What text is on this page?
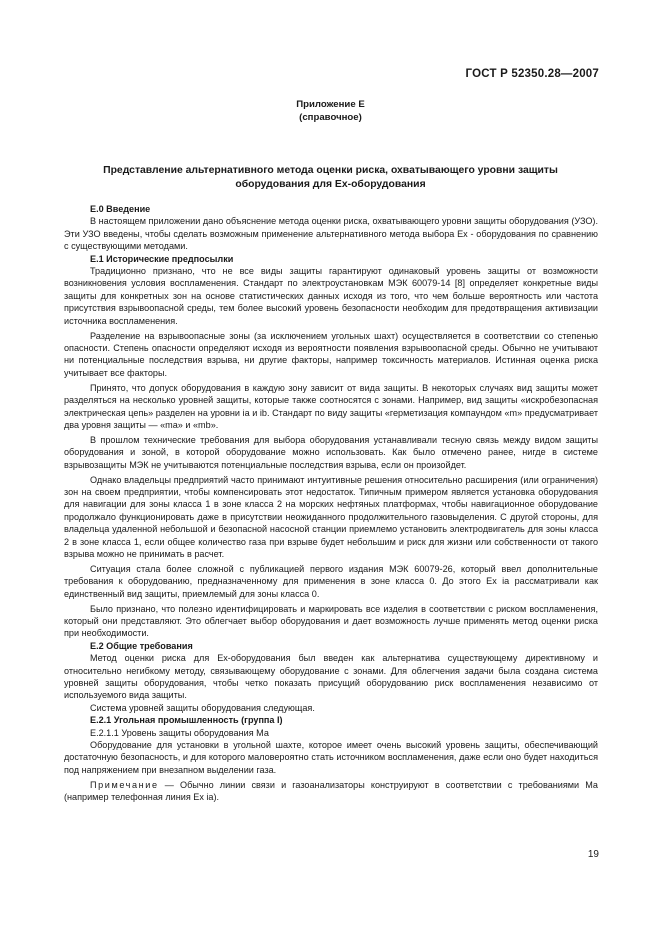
ГОСТ Р 52350.28—2007
Приложение Е
(справочное)
Представление альтернативного метода оценки риска, охватывающего уровни защиты
оборудования для Ex-оборудования
Е.0 Введение

В настоящем приложении дано объяснение метода оценки риска, охватывающего уровни защиты оборудования (УЗО). Эти УЗО введены, чтобы сделать возможным применение альтернативного метода выбора Ex - оборудования по сравнению с существующими методами.

Е.1 Исторические предпосылки

Традиционно признано, что не все виды защиты гарантируют одинаковый уровень защиты от возможности возникновения условия воспламенения. Стандарт по электроустановкам МЭК 60079-14 [8] определяет конкретные виды защиты для конкретных зон на основе статистических данных исходя из того, что чем больше вероятность или частота присутствия взрывоопасной среды, тем более высокий уровень безопасности необходим для предотвращения активизации источника воспламенения.

Разделение на взрывоопасные зоны (за исключением угольных шахт) осуществляется в соответствии со степенью опасности. Степень опасности определяют исходя из вероятности появления взрывоопасной среды. Обычно не учитывают ни потенциальные последствия взрыва, ни другие факторы, например токсичность материалов. Истинная оценка риска учитывает все факторы.

Принято, что допуск оборудования в каждую зону зависит от вида защиты. В некоторых случаях вид защиты может разделяться на несколько уровней защиты, которые также соотносятся с зонами. Например, вид защиты «искробезопасная электрическая цепь» разделен на уровни ia и ib. Стандарт по виду защиты «герметизация компаундом «m» предусматривает два уровня защиты — «ma» и «mb».

В прошлом технические требования для выбора оборудования устанавливали тесную связь между видом защиты оборудования и зоной, в которой оборудование можно использовать. Как было отмечено ранее, нигде в системе взрывозащиты МЭК не учитываются потенциальные последствия взрыва, если он произойдет.

Однако владельцы предприятий часто принимают интуитивные решения относительно расширения (или ограничения) зон на своем предприятии, чтобы компенсировать этот недостаток. Типичным примером является установка оборудования для навигации для зоны класса 1 в зоне класса 2 на морских нефтяных платформах, чтобы навигационное оборудование продолжало функционировать даже в присутствии неожиданного продолжительного газовыделения. С другой стороны, для владельца удаленной небольшой и безопасной насосной станции приемлемо установить электродвигатель для зоны класса 2 в зоне класса 1, если общее количество газа при взрыве будет небольшим и риск для жизни или собственности от такого взрыва можно не принимать в расчет.

Ситуация стала более сложной с публикацией первого издания МЭК 60079-26, который ввел дополнительные требования к оборудованию, предназначенному для применения в зоне класса 0. До этого Ex ia рассматривали как единственный вид защиты, приемлемый для зоны класса 0.

Было признано, что полезно идентифицировать и маркировать все изделия в соответствии с риском воспламенения, который они представляют. Это облегчает выбор оборудования и дает возможность лучше применять метод оценки риска при необходимости.

Е.2 Общие требования

Метод оценки риска для Ex-оборудования был введен как альтернатива существующему директивному и относительно негибкому методу, связывающему оборудование с зонами. Для облегчения задачи была создана система уровней защиты оборудования, чтобы четко показать присущий оборудованию риск воспламенения независимо от используемого вида защиты.

Система уровней защиты оборудования следующая.

Е.2.1 Угольная промышленность (группа I)

Е.2.1.1 Уровень защиты оборудования Ма

Оборудование для установки в угольной шахте, которое имеет очень высокий уровень защиты, обеспечивающий достаточную безопасность, и для которого маловероятно стать источником воспламенения, даже если оно будет находиться под напряжением при внезапном выделении газа.

Примечание — Обычно линии связи и газоанализаторы конструируют в соответствии с требованиями Ма (например телефонная линия Ex ia).

19
